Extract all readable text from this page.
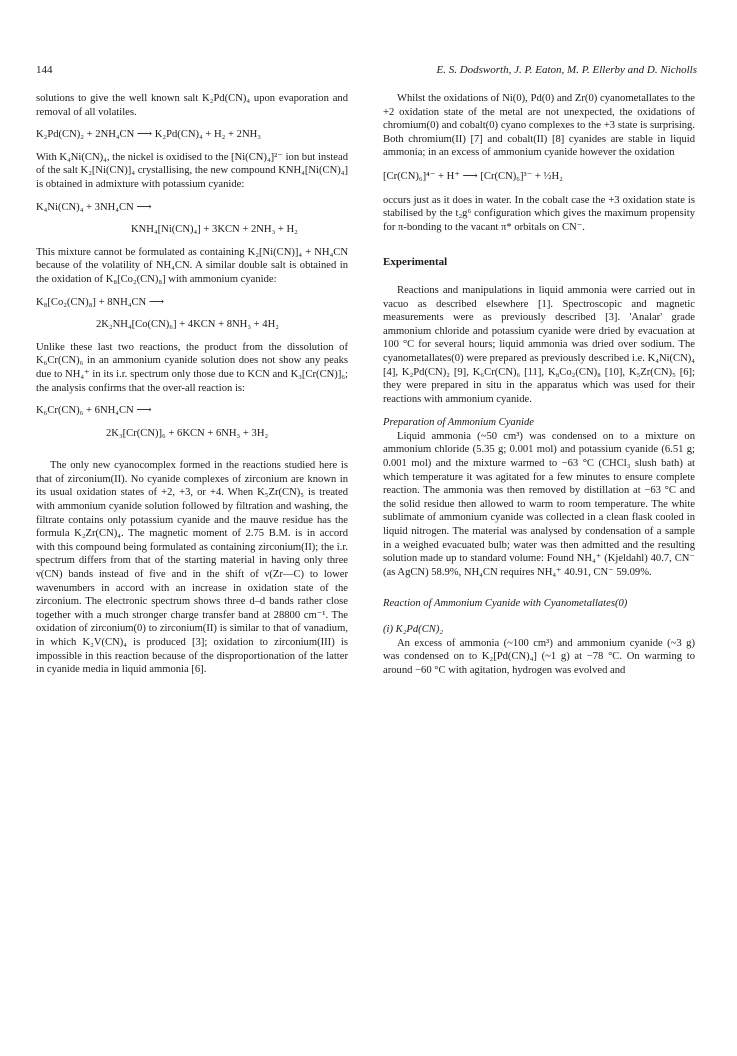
144	E. S. Dodsworth, J. P. Eaton, M. P. Ellerby and D. Nicholls

solutions to give the well known salt K₂Pd(CN)₄ upon evaporation and removal of all volatiles.

K₂Pd(CN)₂ + 2NH₄CN ⟶ K₂Pd(CN)₄ + H₂ + 2NH₃

With K₄Ni(CN)₄, the nickel is oxidised to the [Ni(CN)₄]²⁻ ion but instead of the salt K₂[Ni(CN)]₄ crystallising, the new compound KNH₄[Ni(CN)₄] is obtained in admixture with potassium cyanide:

K₄Ni(CN)₄ + 3NH₄CN ⟶
KNH₄[Ni(CN)₄] + 3KCN + 2NH₃ + H₂

This mixture cannot be formulated as containing K₂[Ni(CN)]₄ + NH₄CN because of the volatility of NH₄CN. A similar double salt is obtained in the oxidation of K₈[Co₂(CN)₈] with ammonium cyanide:

K₈[Co₂(CN)₈] + 8NH₄CN ⟶
2K₂NH₄[Co(CN)₆] + 4KCN + 8NH₃ + 4H₂

Unlike these last two reactions, the product from the dissolution of K₆Cr(CN)₆ in an ammonium cyanide solution does not show any peaks due to NH₄⁺ in its i.r. spectrum only those due to KCN and K₃[Cr(CN)]₆; the analysis confirms that the over-all reaction is:

K₆Cr(CN)₆ + 6NH₄CN ⟶
2K₃[Cr(CN)]₆ + 6KCN + 6NH₃ + 3H₂

The only new cyanocomplex formed in the reactions studied here is that of zirconium(II). No cyanide complexes of zirconium are known in its usual oxidation states of +2, +3, or +4. When K₅Zr(CN)₅ is treated with ammonium cyanide solution followed by filtration and washing, the filtrate contains only potassium cyanide and the mauve residue has the formula K₂Zr(CN)₄. The magnetic moment of 2.75 B.M. is in accord with this compound being formulated as containing zirconium(II); the i.r. spectrum differs from that of the starting material in having only three ν(CN) bands instead of five and in the shift of ν(Zr—C) to lower wavenumbers in accord with an increase in oxidation state of the zirconium. The electronic spectrum shows three d–d bands rather close together with a much stronger charge transfer band at 28800 cm⁻¹. The oxidation of zirconium(0) to zirconium(II) is similar to that of vanadium, in which K₂V(CN)₄ is produced [3]; oxidation to zirconium(III) is impossible in this reaction because of the disproportionation of the latter in cyanide media in liquid ammonia [6].

Whilst the oxidations of Ni(0), Pd(0) and Zr(0) cyanometallates to the +2 oxidation state of the metal are not unexpected, the oxidations of chromium(0) and cobalt(0) cyano complexes to the +3 state is surprising. Both chromium(II) [7] and cobalt(II) [8] cyanides are stable in liquid ammonia; in an excess of ammonium cyanide however the oxidation

[Cr(CN)₆]⁴⁻ + H⁺ ⟶ [Cr(CN)₆]³⁻ + ½H₂

occurs just as it does in water. In the cobalt case the +3 oxidation state is stabilised by the t₂g⁶ configuration which gives the maximum propensity for π-bonding to the vacant π* orbitals on CN⁻.

Experimental

Reactions and manipulations in liquid ammonia were carried out in vacuo as described elsewhere [1]. Spectroscopic and magnetic measurements were as previously described [3]. 'Analar' grade ammonium chloride and potassium cyanide were dried by evacuation at 100 °C for several hours; liquid ammonia was dried over sodium. The cyanometallates(0) were prepared as previously described i.e. K₄Ni(CN)₄ [4], K₂Pd(CN)₂ [9], K₆Cr(CN)₆ [11], K₈Co₂(CN)₈ [10], K₅Zr(CN)₅ [6]; they were prepared in situ in the apparatus which was used for their reactions with ammonium cyanide.

Preparation of Ammonium Cyanide

Liquid ammonia (~50 cm³) was condensed on to a mixture on ammonium chloride (5.35 g; 0.001 mol) and potassium cyanide (6.51 g; 0.001 mol) and the mixture warmed to −63 °C (CHCl₃ slush bath) at which temperature it was agitated for a few minutes to ensure complete reaction. The ammonia was then removed by distillation at −63 °C and the solid residue then allowed to warm to room temperature. The white sublimate of ammonium cyanide was collected in a clean flask cooled in liquid nitrogen. The material was analysed by condensation of a sample in a weighed evacuated bulb; water was then admitted and the resulting solution made up to standard volume: Found NH₄⁺ (Kjeldahl) 40.7, CN⁻ (as AgCN) 58.9%, NH₄CN requires NH₄⁺ 40.91, CN⁻ 59.09%.

Reaction of Ammonium Cyanide with Cyanometallates(0)
(i) K₂Pd(CN)₂

An excess of ammonia (~100 cm³) and ammonium cyanide (~3 g) was condensed on to K₂[Pd(CN)₄] (~1 g) at −78 °C. On warming to around −60 °C with agitation, hydrogen was evolved and
